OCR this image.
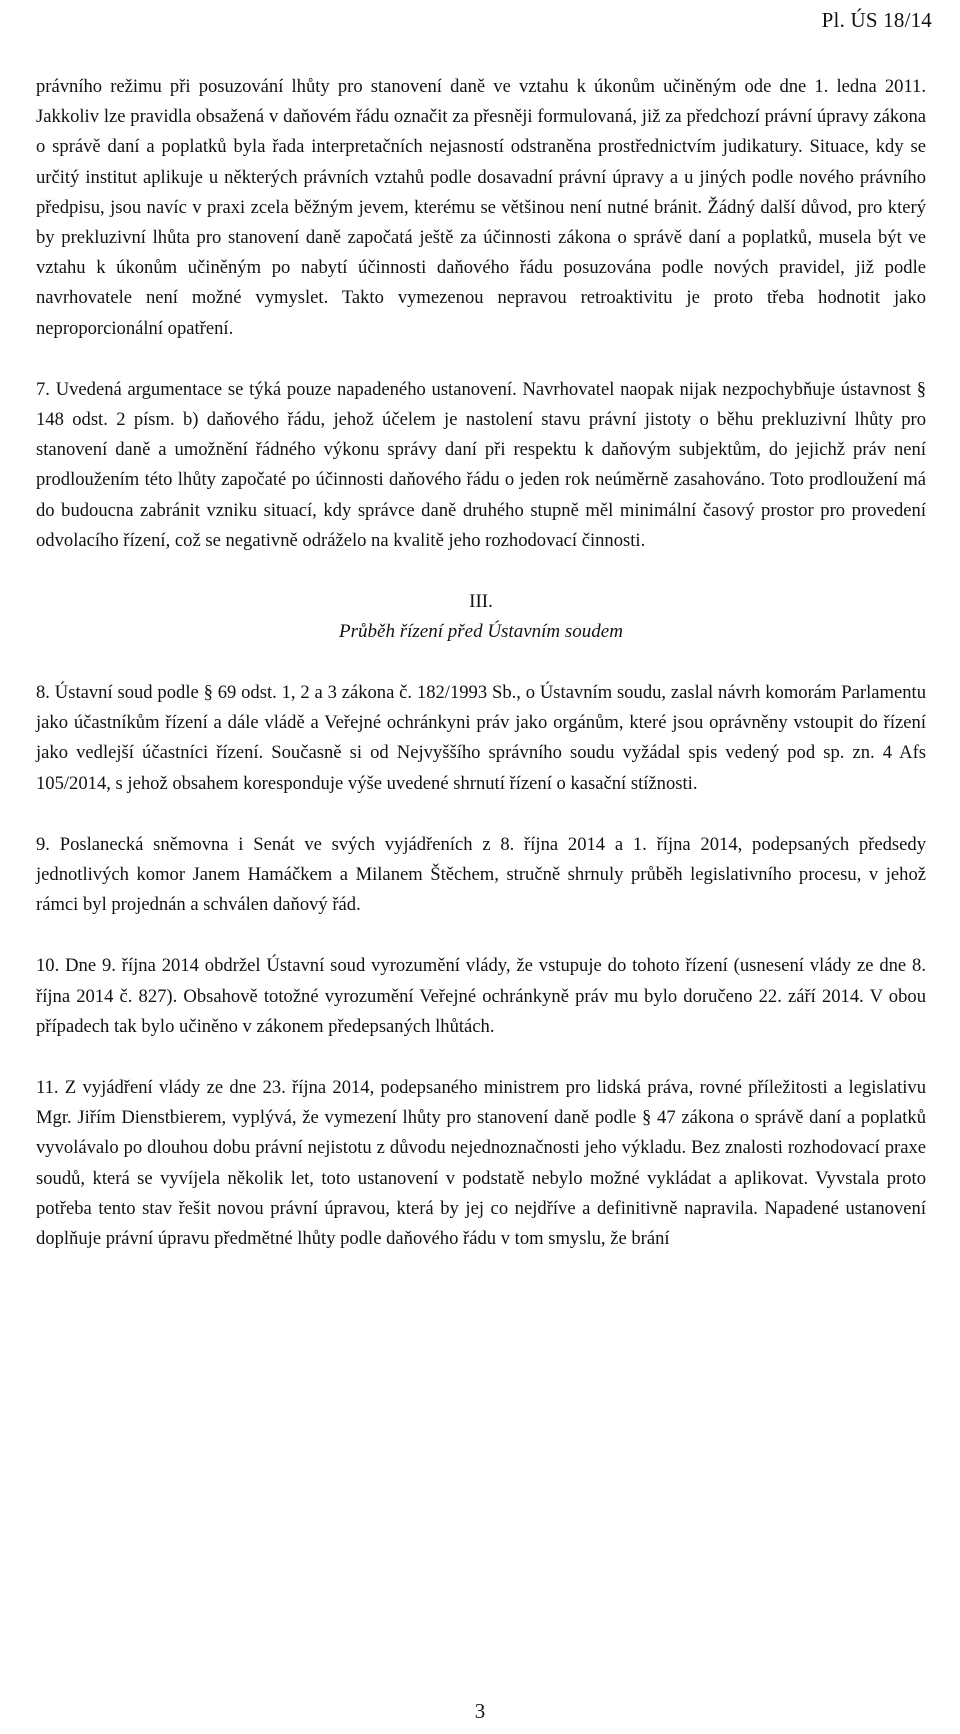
Pl. ÚS 18/14

právního režimu při posuzování lhůty pro stanovení daně ve vztahu k úkonům učiněným ode dne 1. ledna 2011. Jakkoliv lze pravidla obsažená v daňovém řádu označit za přesněji formulovaná, již za předchozí právní úpravy zákona o správě daní a poplatků byla řada interpretačních nejasností odstraněna prostřednictvím judikatury. Situace, kdy se určitý institut aplikuje u některých právních vztahů podle dosavadní právní úpravy a u jiných podle nového právního předpisu, jsou navíc v praxi zcela běžným jevem, kterému se většinou není nutné bránit. Žádný další důvod, pro který by prekluzivní lhůta pro stanovení daně započatá ještě za účinnosti zákona o správě daní a poplatků, musela být ve vztahu k úkonům učiněným po nabytí účinnosti daňového řádu posuzována podle nových pravidel, již podle navrhovatele není možné vymyslet. Takto vymezenou nepravou retroaktivitu je proto třeba hodnotit jako neproporcionální opatření.

7. Uvedená argumentace se týká pouze napadeného ustanovení. Navrhovatel naopak nijak nezpochybňuje ústavnost § 148 odst. 2 písm. b) daňového řádu, jehož účelem je nastolení stavu právní jistoty o běhu prekluzivní lhůty pro stanovení daně a umožnění řádného výkonu správy daní při respektu k daňovým subjektům, do jejichž práv není prodloužením této lhůty započaté po účinnosti daňového řádu o jeden rok neúměrně zasahováno. Toto prodloužení má do budoucna zabránit vzniku situací, kdy správce daně druhého stupně měl minimální časový prostor pro provedení odvolacího řízení, což se negativně odráželo na kvalitě jeho rozhodovací činnosti.

III.
Průběh řízení před Ústavním soudem

8. Ústavní soud podle § 69 odst. 1, 2 a 3 zákona č. 182/1993 Sb., o Ústavním soudu, zaslal návrh komorám Parlamentu jako účastníkům řízení a dále vládě a Veřejné ochránkyni práv jako orgánům, které jsou oprávněny vstoupit do řízení jako vedlejší účastníci řízení. Současně si od Nejvyššího správního soudu vyžádal spis vedený pod sp. zn. 4 Afs 105/2014, s jehož obsahem koresponduje výše uvedené shrnutí řízení o kasační stížnosti.

9. Poslanecká sněmovna i Senát ve svých vyjádřeních z 8. října 2014 a 1. října 2014, podepsaných předsedy jednotlivých komor Janem Hamáčkem a Milanem Štěchem, stručně shrnuly průběh legislativního procesu, v jehož rámci byl projednán a schválen daňový řád.

10. Dne 9. října 2014 obdržel Ústavní soud vyrozumění vlády, že vstupuje do tohoto řízení (usnesení vlády ze dne 8. října 2014 č. 827). Obsahově totožné vyrozumění Veřejné ochránkyně práv mu bylo doručeno 22. září 2014. V obou případech tak bylo učiněno v zákonem předepsaných lhůtách.

11. Z vyjádření vlády ze dne 23. října 2014, podepsaného ministrem pro lidská práva, rovné příležitosti a legislativu Mgr. Jiřím Dienstbierem, vyplývá, že vymezení lhůty pro stanovení daně podle § 47 zákona o správě daní a poplatků vyvolávalo po dlouhou dobu právní nejistotu z důvodu nejednoznačnosti jeho výkladu. Bez znalosti rozhodovací praxe soudů, která se vyvíjela několik let, toto ustanovení v podstatě nebylo možné vykládat a aplikovat. Vyvstala proto potřeba tento stav řešit novou právní úpravou, která by jej co nejdříve a definitivně napravila. Napadené ustanovení doplňuje právní úpravu předmětné lhůty podle daňového řádu v tom smyslu, že brání

3
